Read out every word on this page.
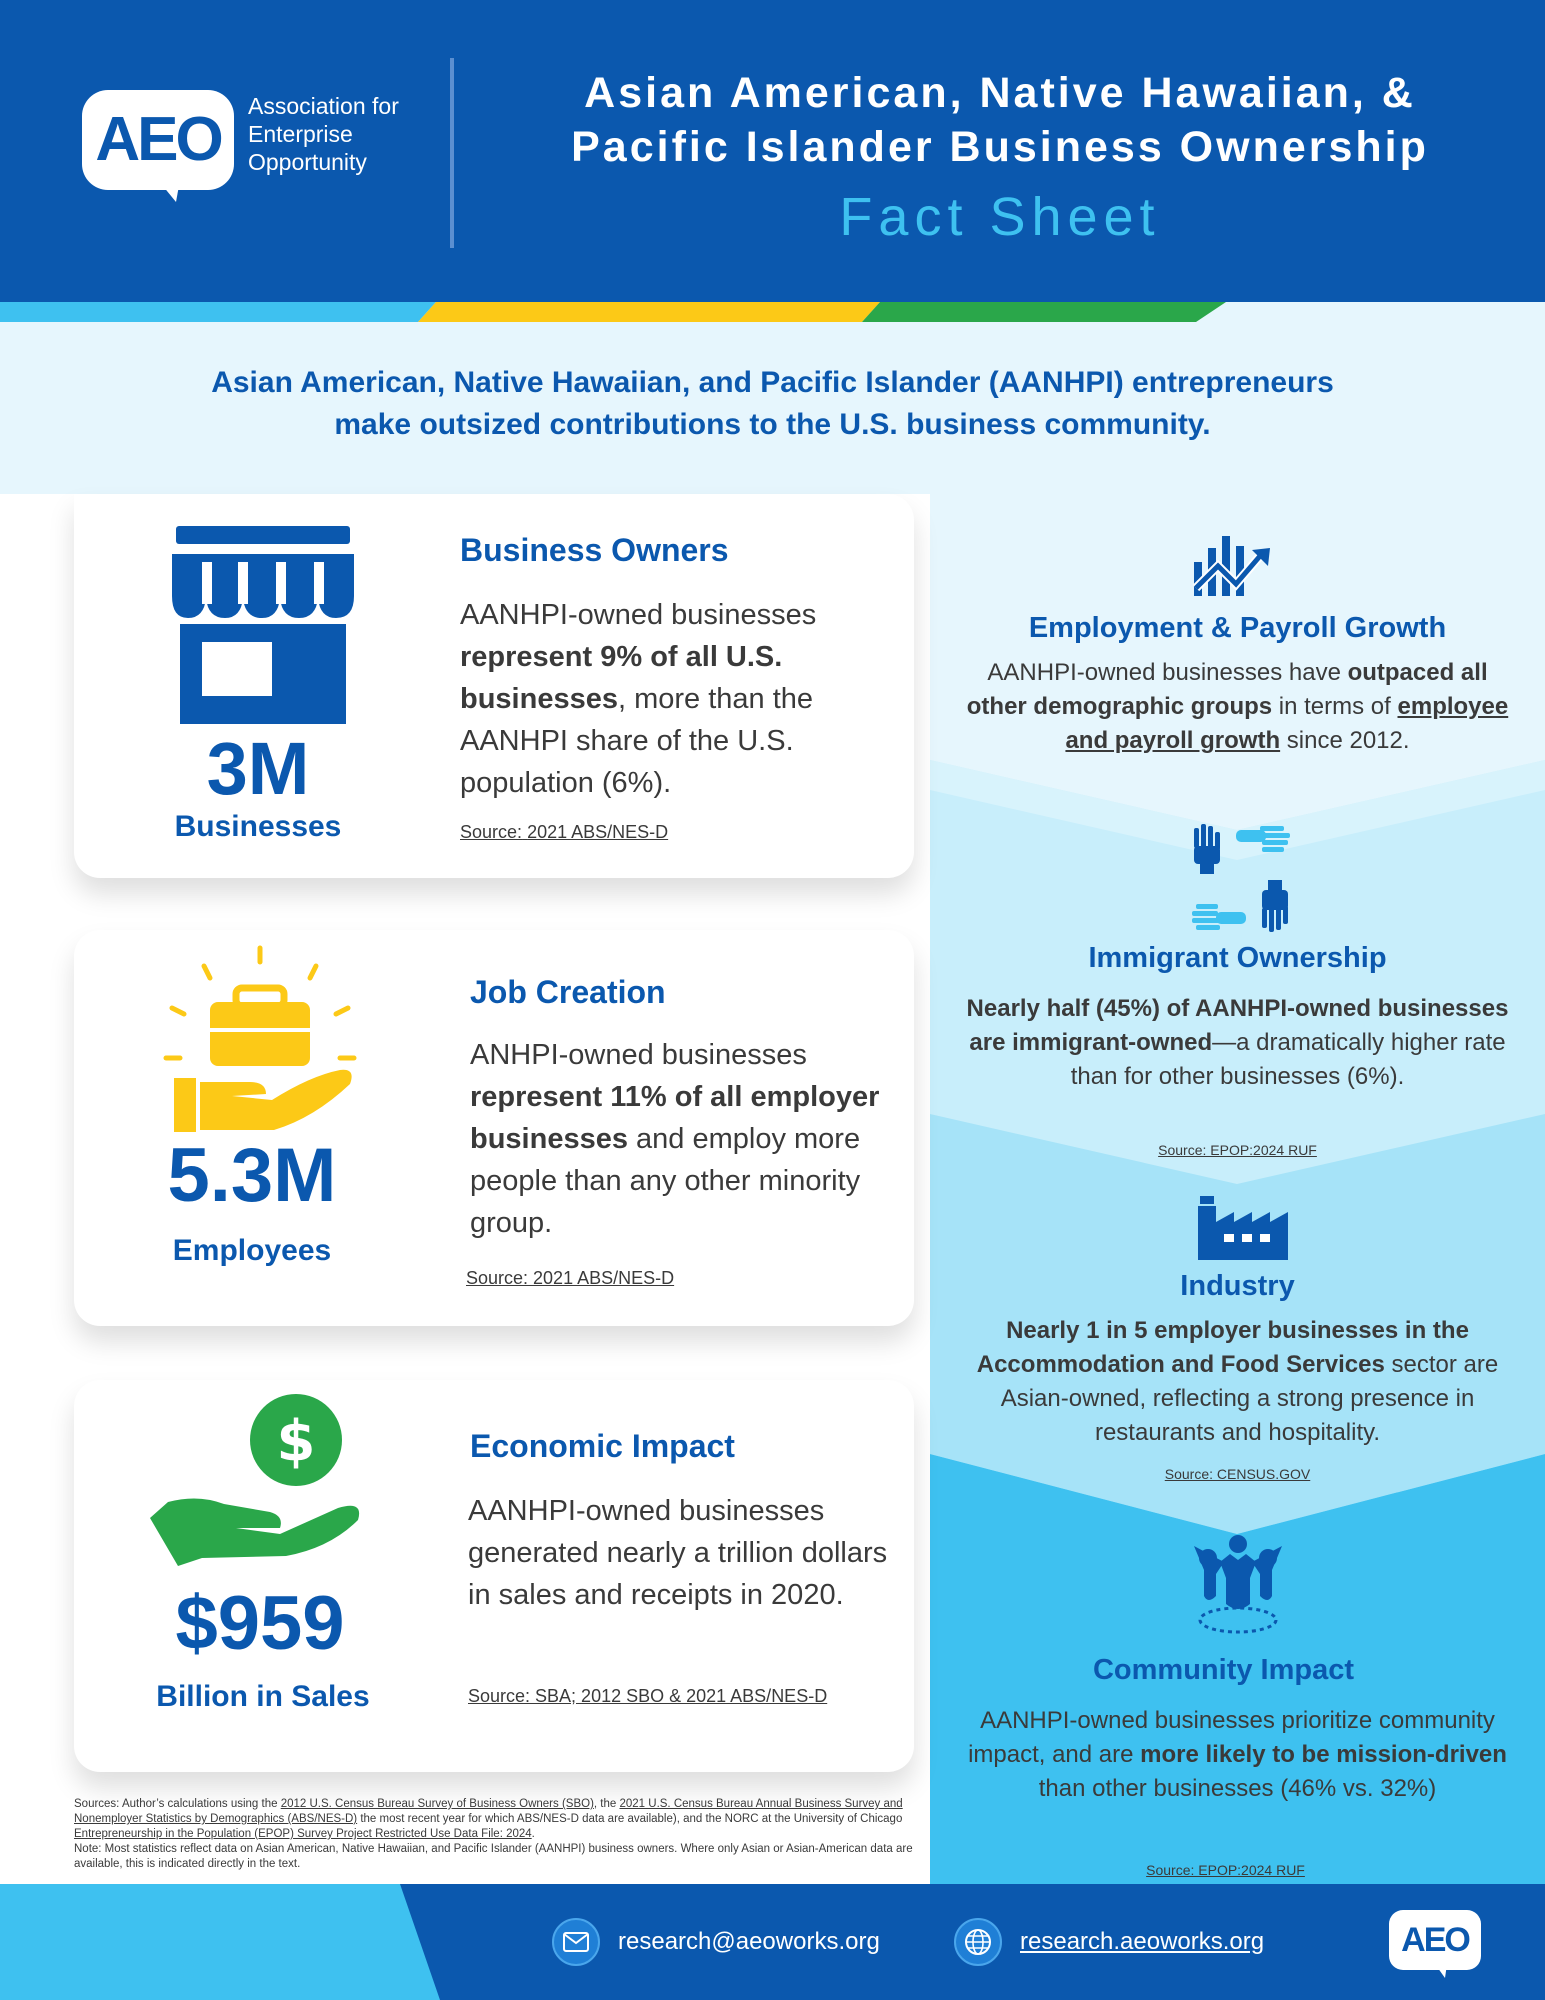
AEO	Association for
Enterprise
Opportunity
Asian American, Native Hawaiian, &
Pacific Islander Business Ownership
Fact Sheet
Asian American, Native Hawaiian, and Pacific Islander (AANHPI) entrepreneurs
make outsized contributions to the U.S. business community.
3M
Businesses
Business Owners
AANHPI-owned businesses represent 9% of all U.S. businesses, more than the AANHPI share of the U.S. population (6%).
Source: 2021 ABS/NES-D
5.3M
Employees
Job Creation
ANHPI-owned businesses represent 11% of all employer businesses and employ more people than any other minority group.
Source: 2021 ABS/NES-D
$
$959
Billion in Sales
Economic Impact
AANHPI-owned businesses generated nearly a trillion dollars in sales and receipts in 2020.
Source: SBA; 2012 SBO & 2021 ABS/NES-D
Employment & Payroll Growth
AANHPI-owned businesses have outpaced all other demographic groups in terms of employee and payroll growth since 2012.
Immigrant Ownership
Nearly half (45%) of AANHPI-owned businesses are immigrant-owned—a dramatically higher rate than for other businesses (6%).
Source: EPOP:2024 RUF
Industry
Nearly 1 in 5 employer businesses in the Accommodation and Food Services sector are Asian-owned, reflecting a strong presence in restaurants and hospitality.
Source: CENSUS.GOV
Community Impact
AANHPI-owned businesses prioritize community impact, and are more likely to be mission-driven than other businesses (46% vs. 32%)
Source: EPOP:2024 RUF
Sources: Author’s calculations using the 2012 U.S. Census Bureau Survey of Business Owners (SBO), the 2021 U.S. Census Bureau Annual Business Survey and Nonemployer Statistics by Demographics (ABS/NES-D) the most recent year for which ABS/NES-D data are available), and the NORC at the University of Chicago Entrepreneurship in the Population (EPOP) Survey Project Restricted Use Data File: 2024.
Note: Most statistics reflect data on Asian American, Native Hawaiian, and Pacific Islander (AANHPI) business owners. Where only Asian or Asian-American data are available, this is indicated directly in the text.
research@aeoworks.org	research.aeoworks.org	AEO
